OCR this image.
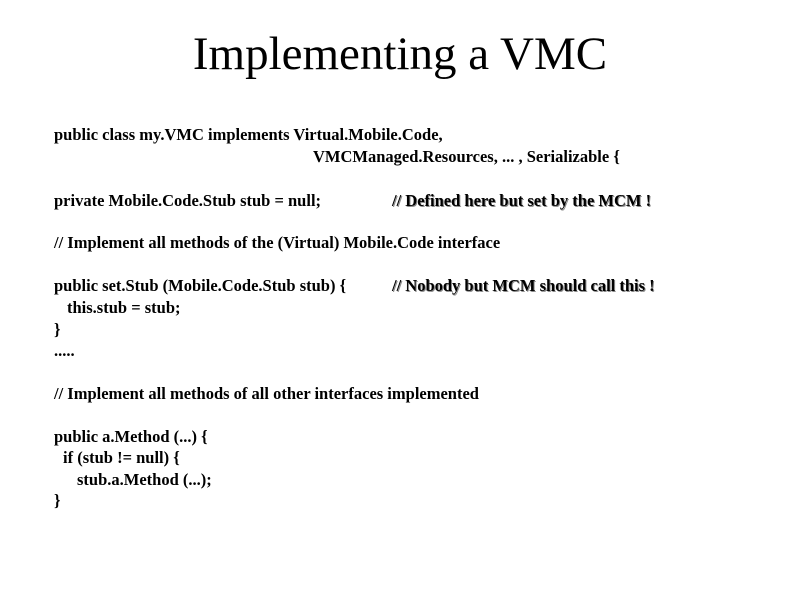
Implementing a VMC
public class my.VMC implements Virtual.Mobile.Code,
VMCManaged.Resources, ... , Serializable {
private Mobile.Code.Stub stub = null;	// Defined here but set by the MCM !
// Implement all methods of the (Virtual) Mobile.Code interface
public set.Stub (Mobile.Code.Stub stub) {	// Nobody but MCM should call this !
this.stub = stub;
}
.....
// Implement all methods of all other interfaces implemented
public a.Method (...) {
if (stub != null) {
stub.a.Method (...);
}
